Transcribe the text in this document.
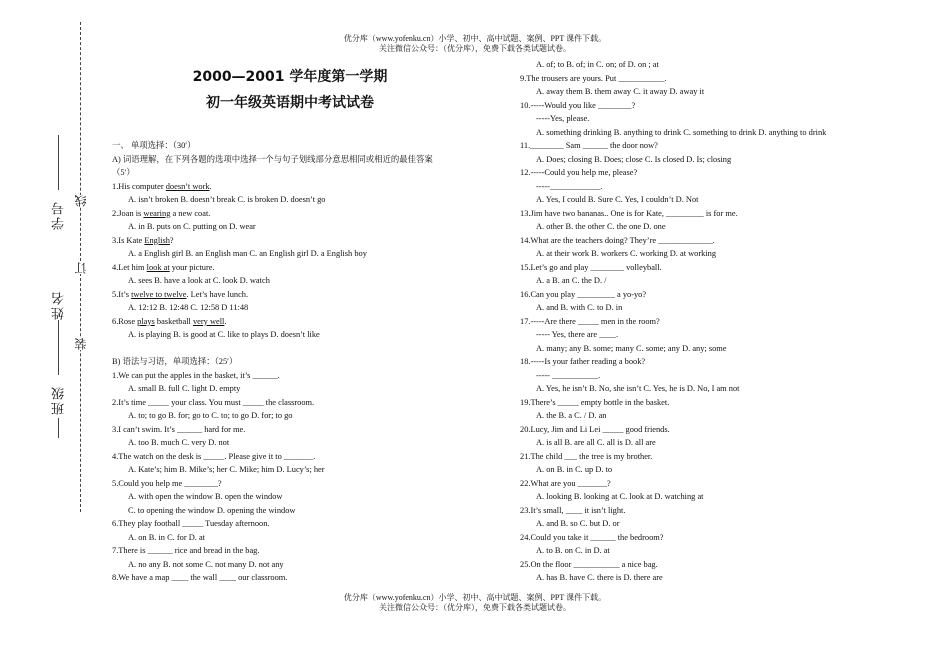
优分库（www.yofenku.cn）小学、初中、高中试题、案例、PPT 课件下载。
关注微信公众号：（优分库），免费下载各类试题试卷。
班级
姓名
学号
装
订
线
2000—2001 学年度第一学期
初一年级英语期中考试试卷
一、 单项选择：（30′）
A) 词语理解，在下列各题的选项中选择一个与句子划线部分意思相同或相近的最佳答案
（5′）
1.His computer doesn’t work.
A. isn’t broken B. doesn’t break C. is broken D. doesn’t go
2.Joan is wearing a new coat.
A. in B. puts on C. putting on D. wear
3.Is Kate English?
A. a English girl B. an English man C. an English girl D. a English boy
4.Let him look at your picture.
A. sees B. have a look at C. look D. watch
5.It’s twelve to twelve. Let’s have lunch.
A. 12:12 B. 12:48 C. 12:58 D 11:48
6.Rose plays basketball very well.
A. is playing B. is good at C. like to plays D. doesn’t like
B) 语法与习语，单项选择：（25′）
1.We can put the apples in the basket, it’s ______.
A. small B. full C. light D. empty
2.It’s time _____ your class. You must _____ the classroom.
A. to; to go B. for; go to C. to; to go D. for; to go
3.I can’t swim. It’s ______ hard for me.
A. too B. much C. very D. not
4.The watch on the desk is _____. Please give it to _______.
A. Kate’s; him B. Mike’s; her C. Mike; him D. Lucy’s; her
5.Could you help me ________?
A. with open the window B. open the window
C. to opening the window D. opening the window
6.They play football _____ Tuesday afternoon.
A. on B. in C. for D. at
7.There is ______ rice and bread in the bag.
A. no any B. not some C. not many D. not any
8.We have a map ____ the wall ____ our classroom.
A. of; to B. of; in C. on; of D. on ; at
9.The trousers are yours. Put ___________.
A. away them B. them away C. it away D. away it
10.-----Would you like ________?
-----Yes, please.
A. something drinking B. anything to drink C. something to drink D. anything to drink
11.________ Sam ______ the door now?
A. Does; closing B. Does; close C. Is closed D. Is; closing
12.-----Could you help me, please?
-----____________.
A. Yes, I could B. Sure C. Yes, I couldn’t D. Not
13.Jim have two bananas.. One is for Kate, _________ is for me.
A. other B. the other C. the one D. one
14.What are the teachers doing? They’re _____________.
A. at their work B. workers C. working D. at working
15.Let’s go and play ________ volleyball.
A. a B. an C. the D. /
16.Can you play _________ a yo-yo?
A. and B. with C. to D. in
17.-----Are there _____ men in the room?
----- Yes, there are ____.
A. many; any B. some; many C. some; any D. any; some
18.-----Is your father reading a book?
----- ___________.
A. Yes, he isn’t B. No, she isn’t C. Yes, he is D. No, I am not
19.There’s _____ empty bottle in the basket.
A. the B. a C. / D. an
20.Lucy, Jim and Li Lei _____ good friends.
A. is all B. are all C. all is D. all are
21.The child ___ the tree is my brother.
A. on B. in C. up D. to
22.What are you _______?
A. looking B. looking at C. look at D. watching at
23.It’s small, ____ it isn’t light.
A. and B. so C. but D. or
24.Could you take it ______ the bedroom?
A. to B. on C. in D. at
25.On the floor ___________ a nice bag.
A. has B. have C. there is D. there are
优分库（www.yofenku.cn）小学、初中、高中试题、案例、PPT 课件下载。
关注微信公众号：（优分库），免费下载各类试题试卷。
